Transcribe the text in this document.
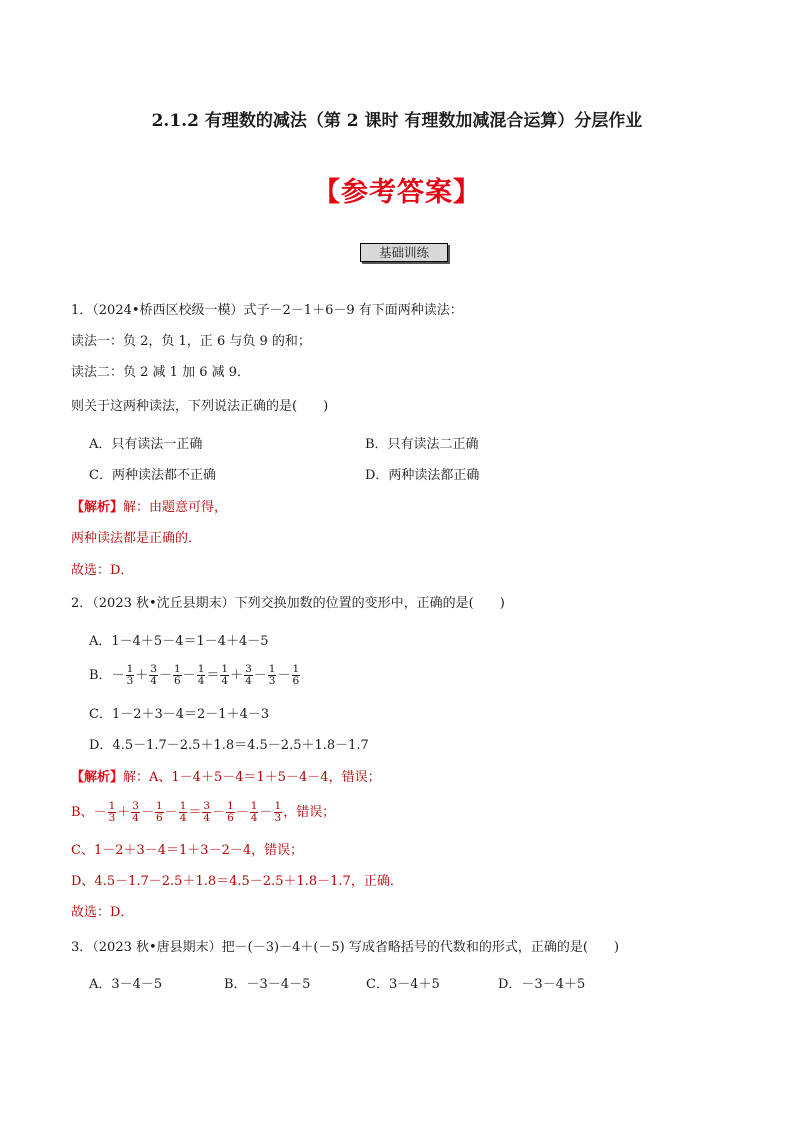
2.1.2 有理数的减法（第 2 课时 有理数加减混合运算）分层作业
【参考答案】
基础训练
1．（2024•桥西区校级一模）式子－2－1＋6－9 有下面两种读法：
读法一：负 2，负 1，正 6 与负 9 的和；
读法二：负 2 减 1 加 6 减 9．
则关于这两种读法，下列说法正确的是(　　)
A．只有读法一正确	B．只有读法二正确
C．两种读法都不正确	D．两种读法都正确
【解析】解：由题意可得，
两种读法都是正确的．
故选：D．
2．（2023 秋•沈丘县期末）下列交换加数的位置的变形中，正确的是(　　)
A．1－4＋5－4＝1－4＋4－5
B．－ $\frac{1}{3} + \frac{3}{4} - \frac{1}{6} - \frac{1}{4} = \frac{1}{4} + \frac{3}{4} - \frac{1}{3} - \frac{1}{6}$
C．1－2＋3－4＝2－1＋4－3
D．4.5－1.7－2.5＋1.8＝4.5－2.5＋1.8－1.7
【解析】解：A、1－4＋5－4＝1＋5－4－4，错误；
B、－ $\frac{1}{3} + \frac{3}{4} - \frac{1}{6} - \frac{1}{4} = \frac{3}{4} - \frac{1}{6} - \frac{1}{4} - \frac{1}{3}$ ，错误；
C、1－2＋3－4＝1＋3－2－4，错误；
D、4.5－1.7－2.5＋1.8＝4.5－2.5＋1.8－1.7，正确．
故选：D．
3．（2023 秋•唐县期末）把－(－3)－4＋(－5) 写成省略括号的代数和的形式，正确的是(　　)
A．3－4－5	B．－3－4－5	C．3－4＋5	D．－3－4＋5
